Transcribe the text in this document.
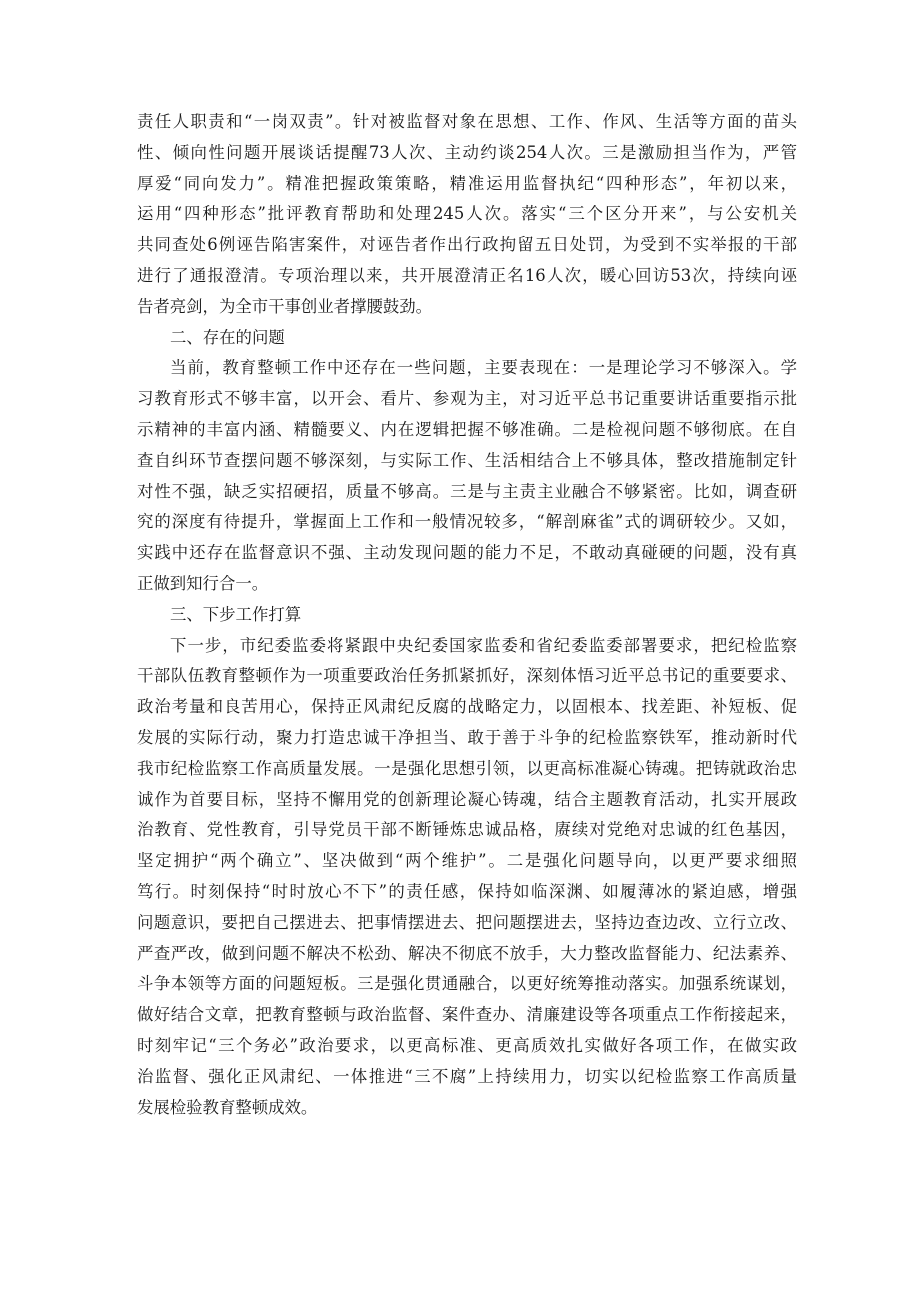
责任人职责和“一岗双责”。针对被监督对象在思想、工作、作风、生活等方面的苗头
性、倾向性问题开展谈话提醒73人次、主动约谈254人次。三是激励担当作为，严管
厚爱“同向发力”。精准把握政策策略，精准运用监督执纪“四种形态”，年初以来，
运用“四种形态”批评教育帮助和处理245人次。落实“三个区分开来”，与公安机关
共同查处6例诬告陷害案件，对诬告者作出行政拘留五日处罚，为受到不实举报的干部
进行了通报澄清。专项治理以来，共开展澄清正名16人次，暖心回访53次，持续向诬
告者亮剑，为全市干事创业者撑腰鼓劲。
二、存在的问题
当前，教育整顿工作中还存在一些问题，主要表现在：一是理论学习不够深入。学
习教育形式不够丰富，以开会、看片、参观为主，对习近平总书记重要讲话重要指示批
示精神的丰富内涵、精髓要义、内在逻辑把握不够准确。二是检视问题不够彻底。在自
查自纠环节查摆问题不够深刻，与实际工作、生活相结合上不够具体，整改措施制定针
对性不强，缺乏实招硬招，质量不够高。三是与主责主业融合不够紧密。比如，调查研
究的深度有待提升，掌握面上工作和一般情况较多，“解剖麻雀”式的调研较少。又如，
实践中还存在监督意识不强、主动发现问题的能力不足，不敢动真碰硬的问题，没有真
正做到知行合一。
三、下步工作打算
下一步，市纪委监委将紧跟中央纪委国家监委和省纪委监委部署要求，把纪检监察
干部队伍教育整顿作为一项重要政治任务抓紧抓好，深刻体悟习近平总书记的重要要求、
政治考量和良苦用心，保持正风肃纪反腐的战略定力，以固根本、找差距、补短板、促
发展的实际行动，聚力打造忠诚干净担当、敢于善于斗争的纪检监察铁军，推动新时代
我市纪检监察工作高质量发展。一是强化思想引领，以更高标准凝心铸魂。把铸就政治忠
诚作为首要目标，坚持不懈用党的创新理论凝心铸魂，结合主题教育活动，扎实开展政
治教育、党性教育，引导党员干部不断锤炼忠诚品格，赓续对党绝对忠诚的红色基因，
坚定拥护“两个确立”、坚决做到“两个维护”。二是强化问题导向，以更严要求细照
笃行。时刻保持“时时放心不下”的责任感，保持如临深渊、如履薄冰的紧迫感，增强
问题意识，要把自己摆进去、把事情摆进去、把问题摆进去，坚持边查边改、立行立改、
严查严改，做到问题不解决不松劲、解决不彻底不放手，大力整改监督能力、纪法素养、
斗争本领等方面的问题短板。三是强化贯通融合，以更好统筹推动落实。加强系统谋划，
做好结合文章，把教育整顿与政治监督、案件查办、清廉建设等各项重点工作衔接起来，
时刻牢记“三个务必”政治要求，以更高标准、更高质效扎实做好各项工作，在做实政
治监督、强化正风肃纪、一体推进“三不腐”上持续用力，切实以纪检监察工作高质量
发展检验教育整顿成效。
